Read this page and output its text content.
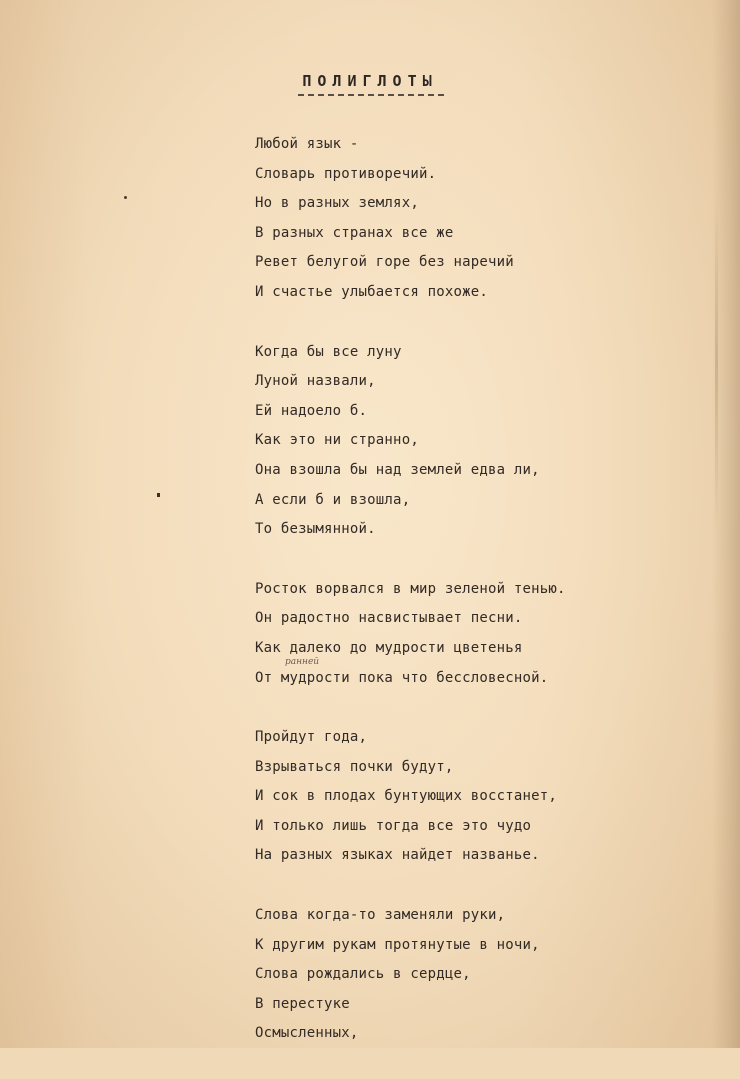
ПОЛИГЛОТЫ
Любой язык -
Словарь противоречий.
Но в разных землях,
В разных странах все же
Ревет белугой горе без наречий
И счастье улыбается похоже.
Когда бы все луну
Луной назвали,
Ей надоело б.
Как это ни странно,
Она взошла бы над землей едва ли,
А если б и взошла,
То безымянной.
Росток ворвался в мир зеленой тенью.
Он радостно насвистывает песни.
Как далеко до мудрости цветенья
ранней
От мудрости пока что бессловесной.
Пройдут года,
Взрываться почки будут,
И сок в плодах бунтующих восстанет,
И только лишь тогда все это чудо
На разных языках найдет названье.
Слова когда-то заменяли руки,
К другим рукам протянутые в ночи,
Слова рождались в сердце,
В перестуке
Осмысленных,
